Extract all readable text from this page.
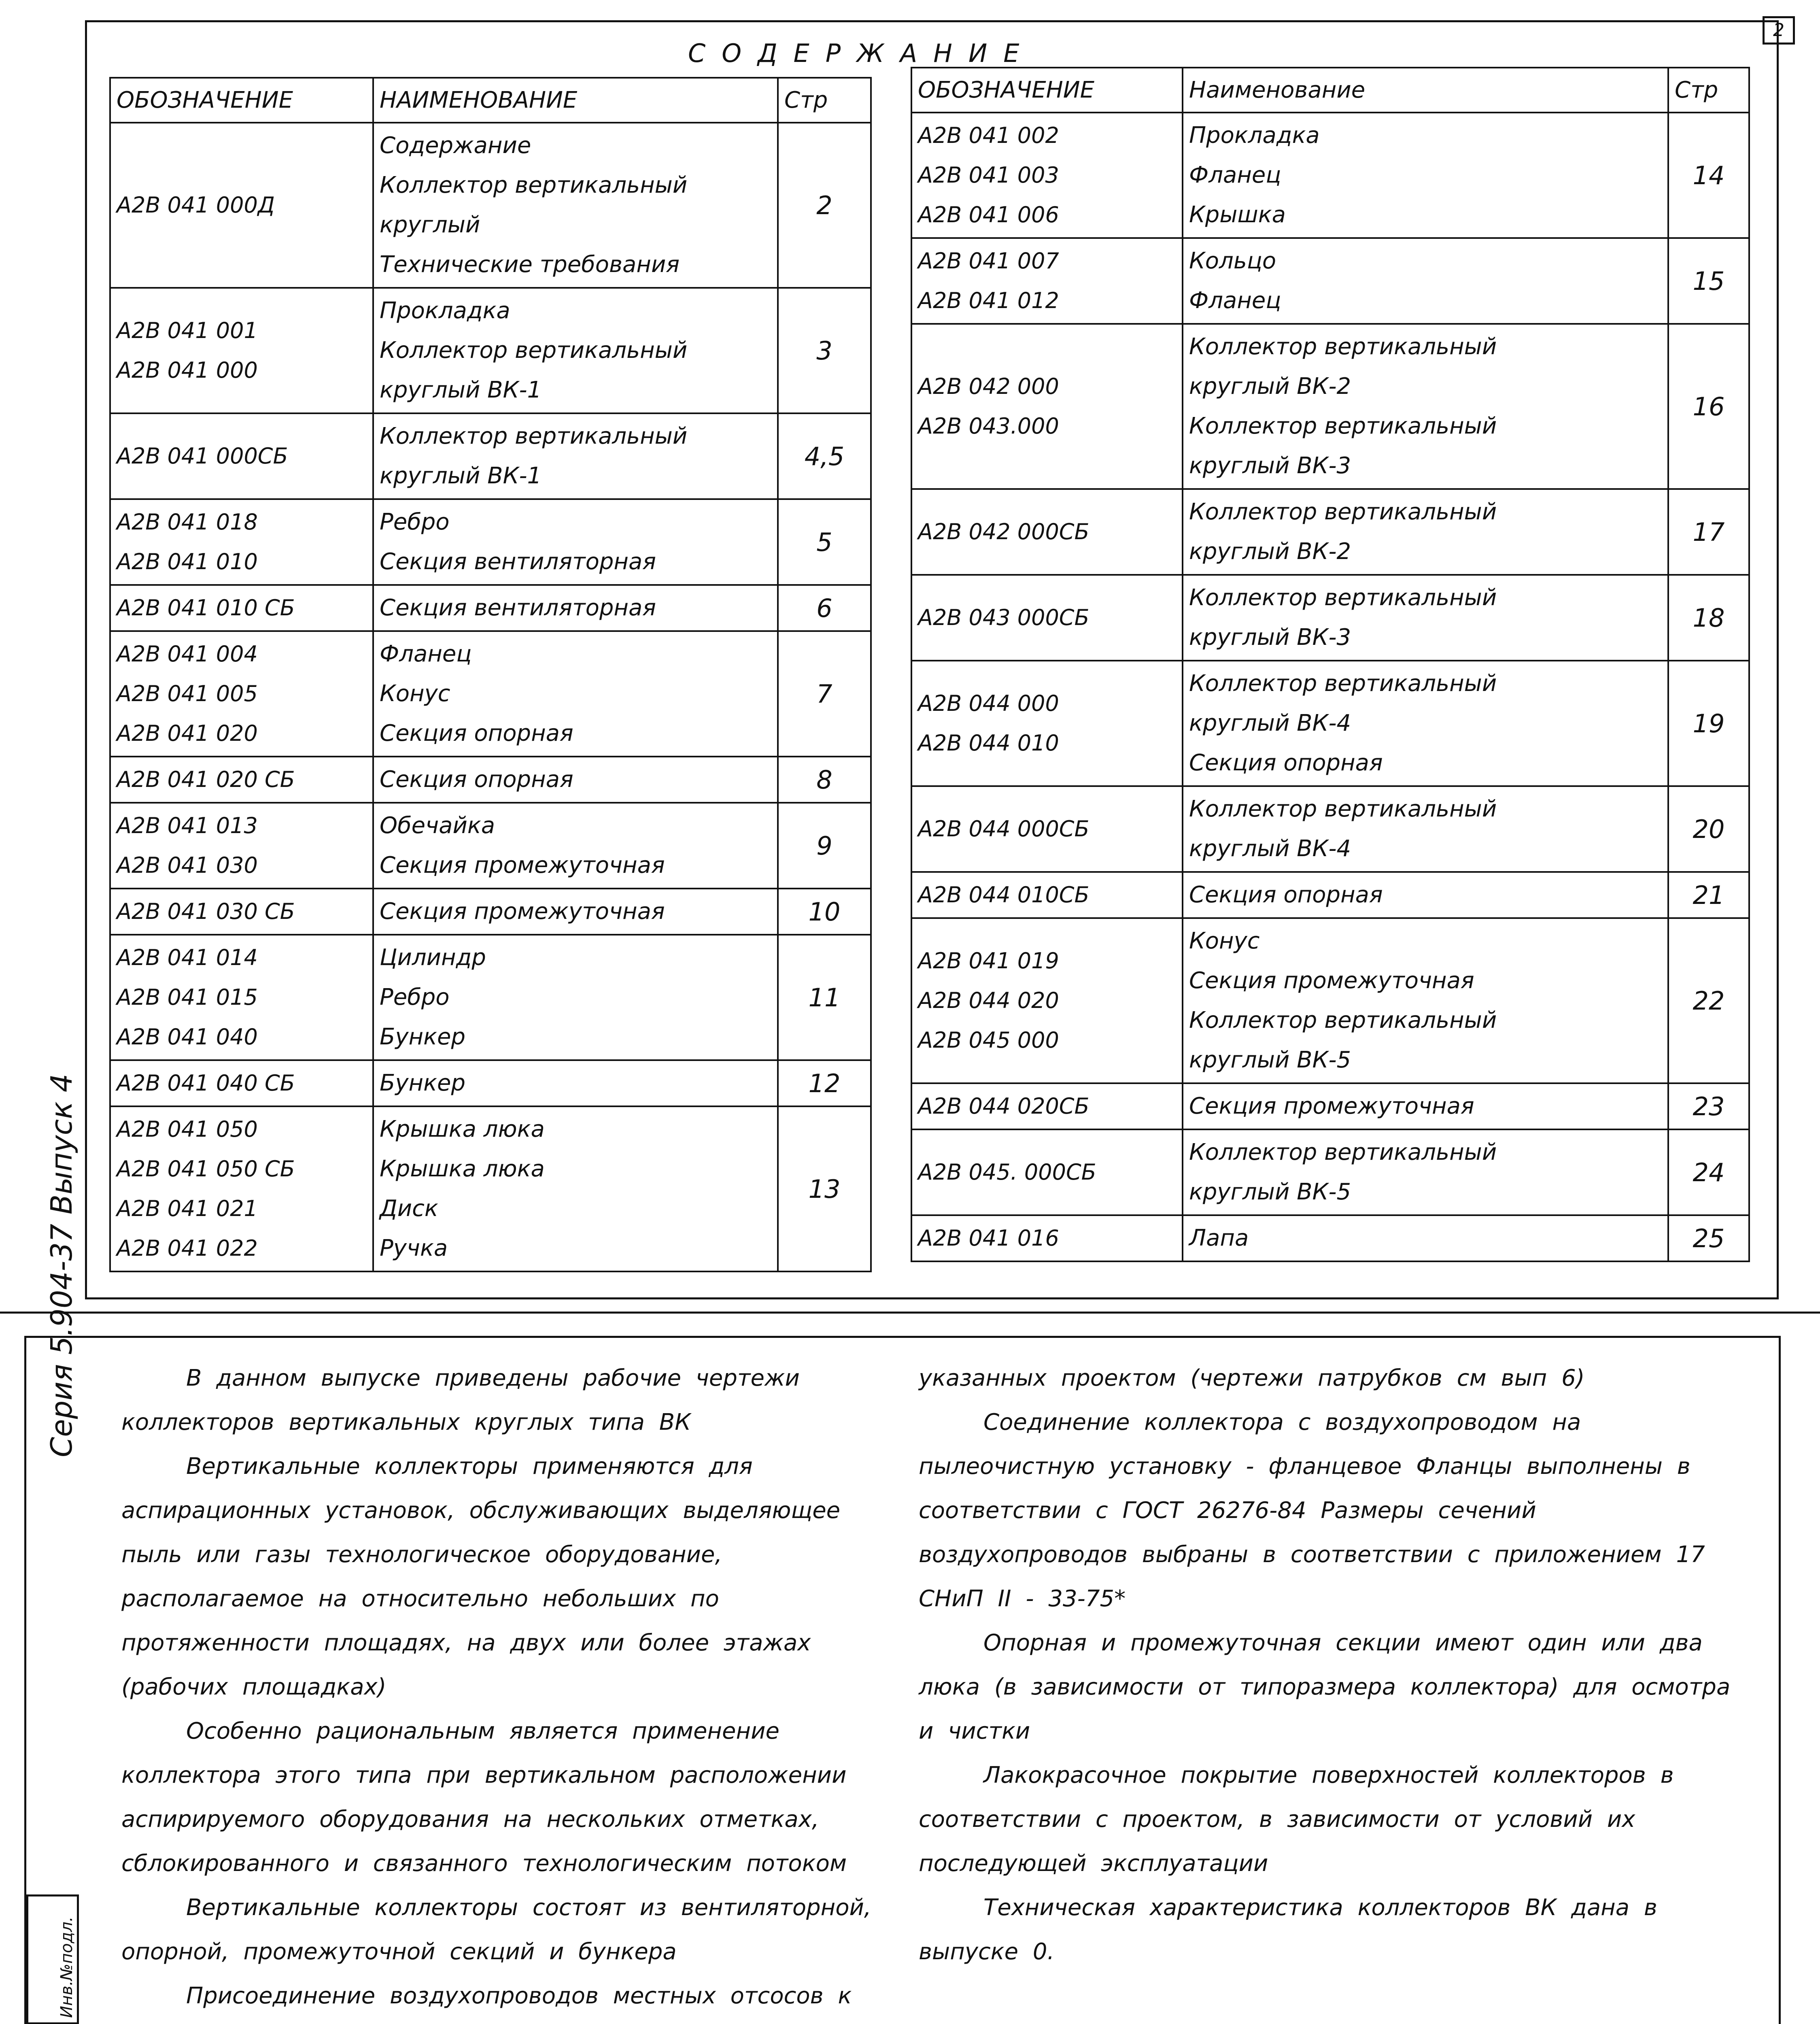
2
СОДЕРЖАНИЕ
ОБОЗНАЧЕНИЕ	НАИМЕНОВАНИЕ	Стр

А2В 041 000Д	Содержание
Коллектор вертикальный
круглый
Технические требования	2

А2В 041 001
А2В 041 000	Прокладка
Коллектор вертикальный
круглый ВК-1	3

А2В 041 000СБ	Коллектор вертикальный
круглый ВК-1	4,5

А2В 041 018
А2В 041 010	Ребро
Секция вентиляторная	5

А2В 041 010 СБ	Секция вентиляторная	6

А2В 041 004
А2В 041 005
А2В 041 020	Фланец
Конус
Секция опорная	7

А2В 041 020 СБ	Секция опорная	8

А2В 041 013
А2В 041 030	Обечайка
Секция промежуточная	9

А2В 041 030 СБ	Секция промежуточная	10

А2В 041 014
А2В 041 015
А2В 041 040	Цилиндр
Ребро
Бункер	11

А2В 041 040 СБ	Бункер	12

А2В 041 050
А2В 041 050 СБ
А2В 041 021
А2В 041 022	Крышка люка
Крышка люка
Диск
Ручка	13
ОБОЗНАЧЕНИЕ	Наименование	Стр

А2В 041 002
А2В 041 003
А2В 041 006	Прокладка
Фланец
Крышка	14

А2В 041 007
А2В 041 012	Кольцо
Фланец	15

А2В 042 000
А2В 043.000	Коллектор вертикальный
круглый ВК-2
Коллектор вертикальный
круглый ВК-3	16

А2В 042 000СБ	Коллектор вертикальный
круглый ВК-2	17

А2В 043 000СБ	Коллектор вертикальный
круглый ВК-3	18

А2В 044 000
А2В 044 010	Коллектор вертикальный
круглый ВК-4
Секция опорная	19

А2В 044 000СБ	Коллектор вертикальный
круглый ВК-4	20

А2В 044 010СБ	Секция опорная	21

А2В 041 019
А2В 044 020
А2В 045 000	Конус
Секция промежуточная
Коллектор вертикальный
круглый ВК-5	22

А2В 044 020СБ	Секция промежуточная	23

А2В 045. 000СБ	Коллектор вертикальный
круглый ВК-5	24

А2В 041 016	Лапа	25
Серия 5.904-37 Выпуск 4
Инв.№подл.

В данном выпуске приведены рабочие чертежи коллекторов вертикальных круглых типа ВК

Вертикальные коллекторы применяются для аспирационных установок, обслуживающих выделяющее пыль или газы технологическое оборудование, располагаемое на относительно небольших по протяженности площадях, на двух или более этажах (рабочих площадках)

Особенно рациональным является применение коллектора этого типа при вертикальном расположении аспирируемого оборудования на нескольких отметках, сблокированного и связанного технологическим потоком

Вертикальные коллекторы состоят из вентиляторной, опорной, промежуточной секций и бункера

Присоединение воздухопроводов местных отсосов к

указанных проектом (чертежи патрубков см вып 6)

Соединение коллектора с воздухопроводом на пылеочистную установку - фланцевое Фланцы выполнены в соответствии с ГОСТ 26276-84 Размеры сечений воздухопроводов выбраны в соответствии с приложением 17 СНиП II - 33-75*

Опорная и промежуточная секции имеют один или два люка (в зависимости от типоразмера коллектора) для осмотра и чистки

Лакокрасочное покрытие поверхностей коллекторов в соответствии с проектом, в зависимости от условий их последующей эксплуатации

Техническая характеристика коллекторов ВК дана в выпуске 0.
